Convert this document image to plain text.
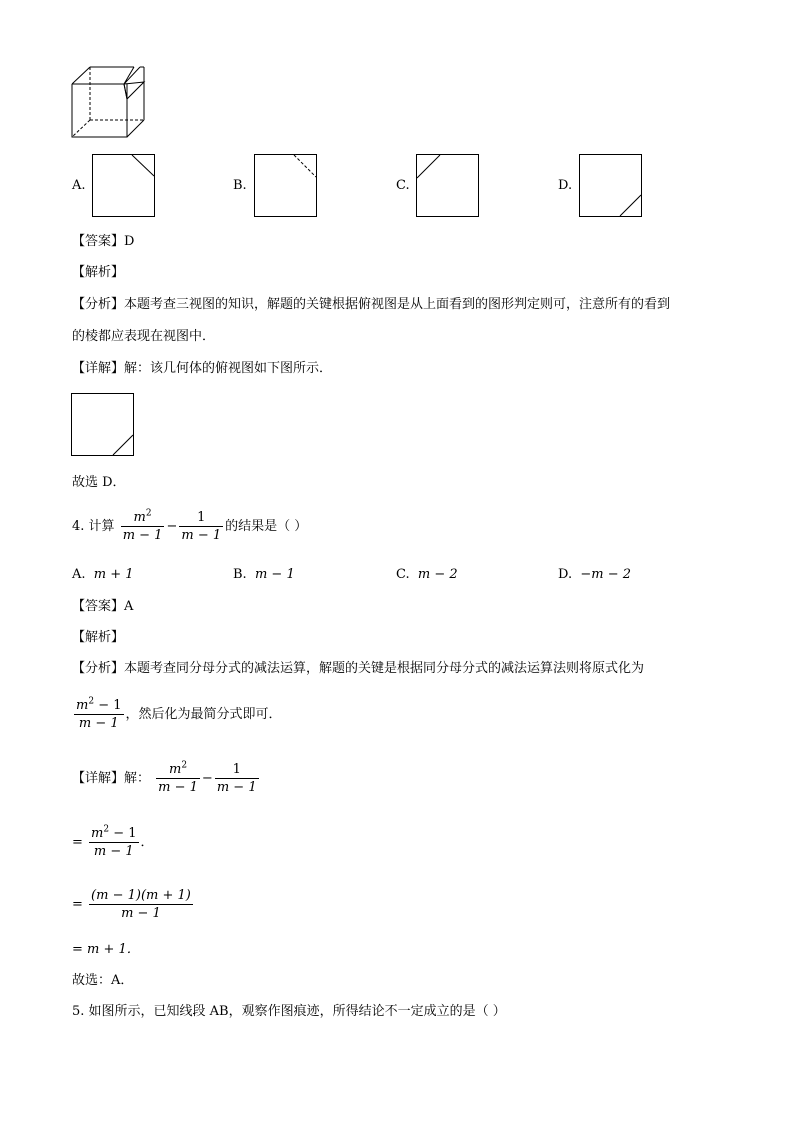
A.	B.	C.	D.
【答案】D
【解析】
【分析】本题考查三视图的知识，解题的关键根据俯视图是从上面看到的图形判定则可，注意所有的看到
的棱都应表现在视图中．
【详解】解：该几何体的俯视图如下图所示．
故选 D．
4. 计算 $\frac{m^2}{m - 1} - \frac{1}{m - 1}$ 的结果是（ ）
A. m + 1	B. m − 1	C. m − 2	D. −m − 2
【答案】A
【解析】
【分析】本题考查同分母分式的减法运算，解题的关键是根据同分母分式的减法运算法则将原式化为
$\frac{m^2 - 1}{m - 1}$ ，然后化为最简分式即可．
【详解】解： $\frac{m^2}{m - 1} - \frac{1}{m - 1}$
= $\frac{m^2 - 1}{m - 1}$ ．
= $\frac{(m - 1)(m + 1)}{m - 1}$
= m + 1．
故选：A．
5. 如图所示，已知线段 AB，观察作图痕迹，所得结论不一定成立的是（ ）
